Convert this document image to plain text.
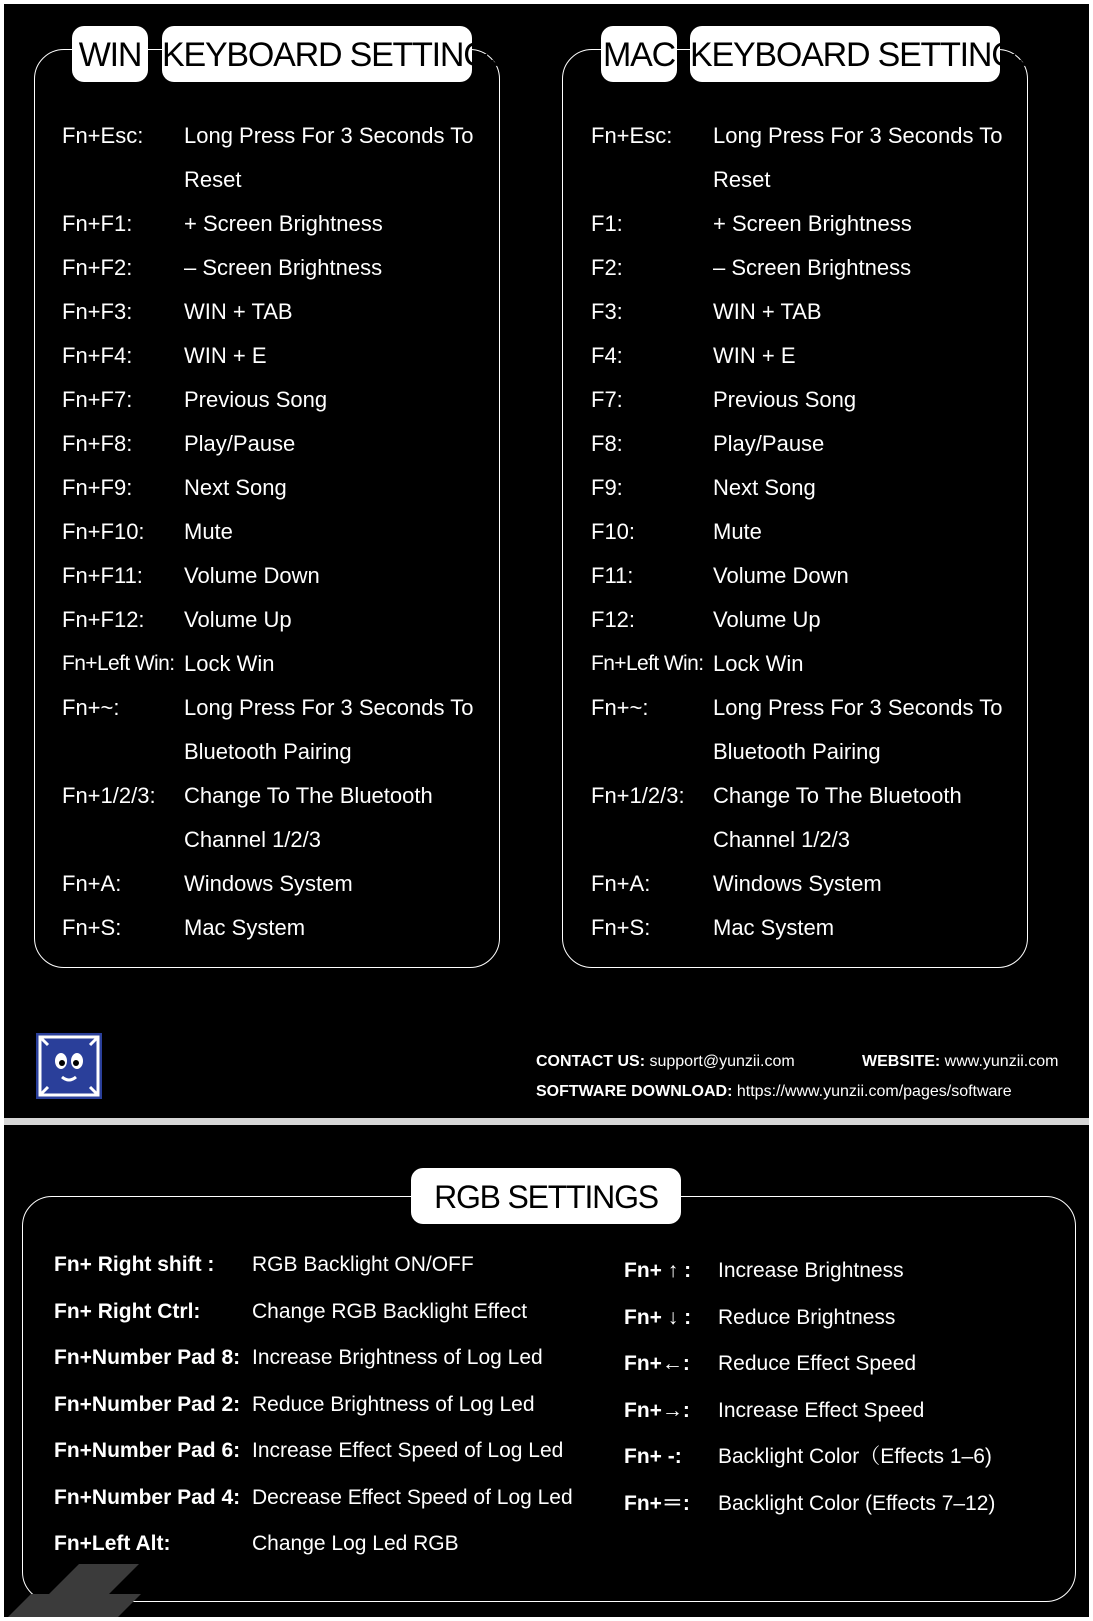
WIN KEYBOARD SETTINGS
Fn+Esc: Long Press For 3 Seconds To Reset
Fn+F1: + Screen Brightness
Fn+F2: – Screen Brightness
Fn+F3: WIN + TAB
Fn+F4: WIN + E
Fn+F7: Previous Song
Fn+F8: Play/Pause
Fn+F9: Next Song
Fn+F10: Mute
Fn+F11: Volume Down
Fn+F12: Volume Up
Fn+Left Win: Lock Win
Fn+~:	Long Press For 3 Seconds To Bluetooth Pairing
Fn+1/2/3: Change To The Bluetooth Channel 1/2/3
Fn+A:	Windows System
Fn+S:	Mac System
MAC KEYBOARD SETTINGS
Fn+Esc: Long Press For 3 Seconds To Reset
F1:	+ Screen Brightness
F2:	– Screen Brightness
F3:	WIN + TAB
F4:	WIN + E
F7:	Previous Song
F8:	Play/Pause
F9:	Next Song
F10:	Mute
F11:	Volume Down
F12:	Volume Up
Fn+Left Win: Lock Win
Fn+~:	Long Press For 3 Seconds To Bluetooth Pairing
Fn+1/2/3: Change To The Bluetooth Channel 1/2/3
Fn+A:	Windows System
Fn+S:	Mac System
CONTACT US: support@yunzii.com	WEBSITE: www.yunzii.com
SOFTWARE DOWNLOAD: https://www.yunzii.com/pages/software
RGB SETTINGS
Fn+ Right shift : RGB Backlight ON/OFF
Fn+ Right Ctrl: Change RGB Backlight Effect
Fn+Number Pad 8: Increase Brightness of Log Led
Fn+Number Pad 2: Reduce Brightness of Log Led
Fn+Number Pad 6: Increase Effect Speed of Log Led
Fn+Number Pad 4: Decrease Effect Speed of Log Led
Fn+Left Alt:	Change Log Led RGB
Fn+ ↑ : Increase Brightness
Fn+ ↓ : Reduce Brightness
Fn+←: Reduce Effect Speed
Fn+→: Increase Effect Speed
Fn+ -: Backlight Color（Effects 1–6)
Fn+＝: Backlight Color (Effects 7–12)
